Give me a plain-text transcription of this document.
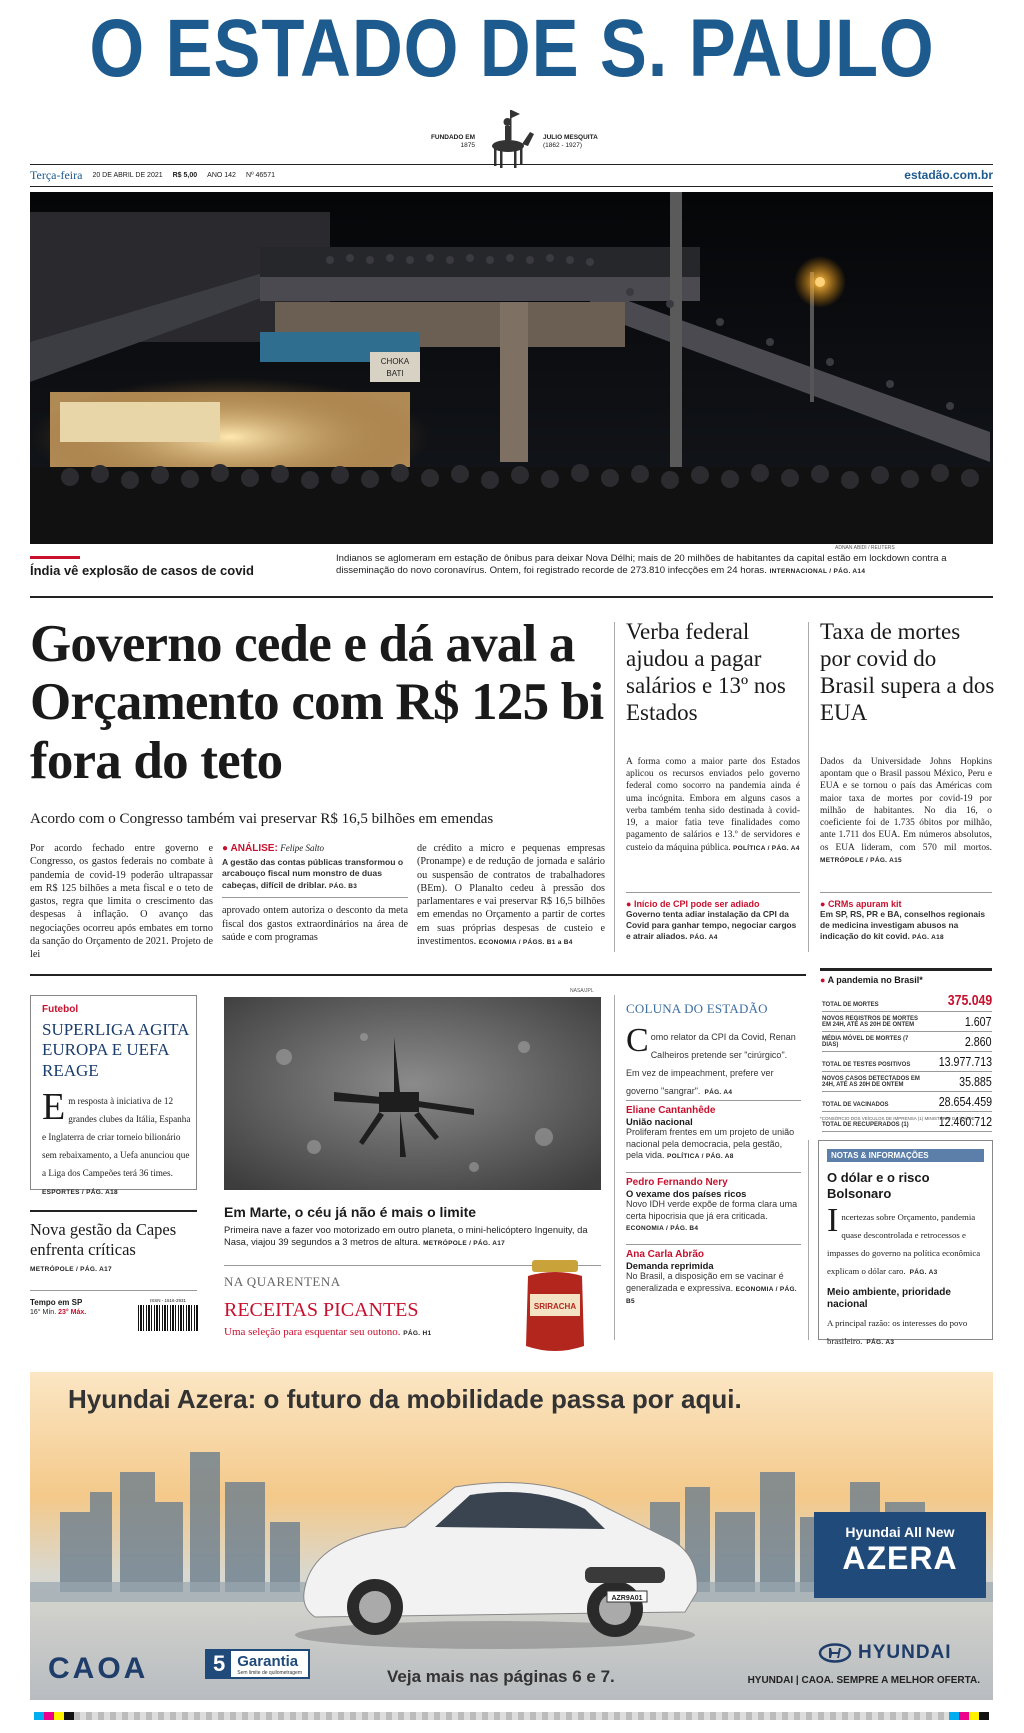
O ESTADO DE S. PAULO
FUNDADO EM
1875
JULIO MESQUITA
(1862 - 1927)
Terça-feira 20 DE ABRIL DE 2021 R$ 5,00 ANO 142 Nº 46571	estadão.com.br
CHOKA
BATI
ADNAN ABIDI / REUTERS
Índia vê explosão de casos de covid
Indianos se aglomeram em estação de ônibus para deixar Nova Délhi; mais de 20 milhões de habitantes da capital estão em lockdown contra a disseminação do novo coronavírus. Ontem, foi registrado recorde de 273.810 infecções em 24 horas. INTERNACIONAL / PÁG. A14
Governo cede e dá aval a Orçamento com R$ 125 bi fora do teto
Acordo com o Congresso também vai preservar R$ 16,5 bilhões em emendas
Por acordo fechado entre governo e Congresso, os gastos federais no combate à pandemia de covid-19 poderão ultrapassar em R$ 125 bilhões a meta fiscal e o teto de gastos, regra que limita o crescimento das despesas à inflação. O avanço das negociações ocorreu após embates em torno da sanção do Orçamento de 2021. Projeto de lei
● ANÁLISE: Felipe Salto
A gestão das contas públicas transformou o arcabouço fiscal num monstro de duas cabeças, difícil de driblar. PÁG. B3
aprovado ontem autoriza o desconto da meta fiscal dos gastos extraordinários na área de saúde e com programas
de crédito a micro e pequenas empresas (Pronampe) e de redução de jornada e salário ou suspensão de contratos de trabalhadores (BEm). O Planalto cedeu à pressão dos parlamentares e vai preservar R$ 16,5 bilhões em emendas no Orçamento a partir de cortes em suas próprias despesas de custeio e investimentos. ECONOMIA / PÁGS. B1 a B4
Verba federal ajudou a pagar salários e 13º nos Estados
A forma como a maior parte dos Estados aplicou os recursos enviados pelo governo federal como socorro na pandemia ainda é uma incógnita. Embora em alguns casos a verba também tenha sido destinada à covid-19, a maior fatia teve finalidades como pagamento de salários e 13.º de servidores e custeio da máquina pública. POLÍTICA / PÁG. A4
● Início de CPI pode ser adiado
Governo tenta adiar instalação da CPI da Covid para ganhar tempo, negociar cargos e atrair aliados. PÁG. A4
Taxa de mortes por covid do Brasil supera a dos EUA
Dados da Universidade Johns Hopkins apontam que o Brasil passou México, Peru e EUA e se tornou o país das Américas com maior taxa de mortes por covid-19 por milhão de habitantes. No dia 16, o coeficiente foi de 1.735 óbitos por milhão, ante 1.711 dos EUA. Em números absolutos, os EUA lideram, com 570 mil mortos. METRÓPOLE / PÁG. A15
● CRMs apuram kit
Em SP, RS, PR e BA, conselhos regionais de medicina investigam abusos na indicação do kit covid. PÁG. A18
● A pandemia no Brasil*
TOTAL DE MORTES	375.049
NOVOS REGISTROS DE MORTES EM 24H, ATÉ AS 20H DE ONTEM	1.607
MÉDIA MÓVEL DE MORTES (7 DIAS)	2.860
TOTAL DE TESTES POSITIVOS	13.977.713
NOVOS CASOS DETECTADOS EM 24H, ATÉ AS 20H DE ONTEM	35.885
TOTAL DE VACINADOS	28.654.459
TOTAL DE RECUPERADOS (1)	12.460.712
*CONSÓRCIO DOS VEÍCULOS DE IMPRENSA (1) MINISTÉRIO DA SAÚDE
Futebol
SUPERLIGA AGITA EUROPA E UEFA REAGE
E m resposta à iniciativa de 12 grandes clubes da Itália, Espanha e Inglaterra de criar torneio bilionário sem rebaixamento, a Uefa anunciou que a Liga dos Campeões terá 36 times. ESPORTES / PÁG. A18
Nova gestão da Capes enfrenta críticas
METRÓPOLE / PÁG. A17
Tempo em SP
16° Mín. 23° Máx.
ISSN - 1516-2931
NASA/JPL
Em Marte, o céu já não é mais o limite
Primeira nave a fazer voo motorizado em outro planeta, o mini-helicóptero Ingenuity, da Nasa, viajou 39 segundos a 3 metros de altura. METRÓPOLE / PÁG. A17
NA QUARENTENA
RECEITAS PICANTES
Uma seleção para esquentar seu outono. PÁG. H1
SRIRACHA
COLUNA DO ESTADÃO
C omo relator da CPI da Covid, Renan Calheiros pretende ser "cirúrgico". Em vez de impeachment, prefere ver governo "sangrar". PÁG. A4
Eliane Cantanhêde
União nacional
Proliferam frentes em um projeto de união nacional pela democracia, pela gestão, pela vida. POLÍTICA / PÁG. A8
Pedro Fernando Nery
O vexame dos países ricos
Novo IDH verde expõe de forma clara uma certa hipocrisia que já era criticada. ECONOMIA / PÁG. B4
Ana Carla Abrão
Demanda reprimida
No Brasil, a disposição em se vacinar é generalizada e expressiva. ECONOMIA / PÁG. B5
NOTAS & INFORMAÇÕES
O dólar e o risco Bolsonaro
I ncertezas sobre Orçamento, pandemia quase descontrolada e retrocessos e impasses do governo na política econômica explicam o dólar caro. PÁG. A3
Meio ambiente, prioridade nacional
A principal razão: os interesses do povo brasileiro. PÁG. A3
Hyundai Azera: o futuro da mobilidade passa por aqui.
AZR9A01
Hyundai All New
AZERA
CAOA	5 Garantia
Sem limite de quilometragem	Veja mais nas páginas 6 e 7.
HYUNDAI
HYUNDAI | CAOA. SEMPRE A MELHOR OFERTA.
